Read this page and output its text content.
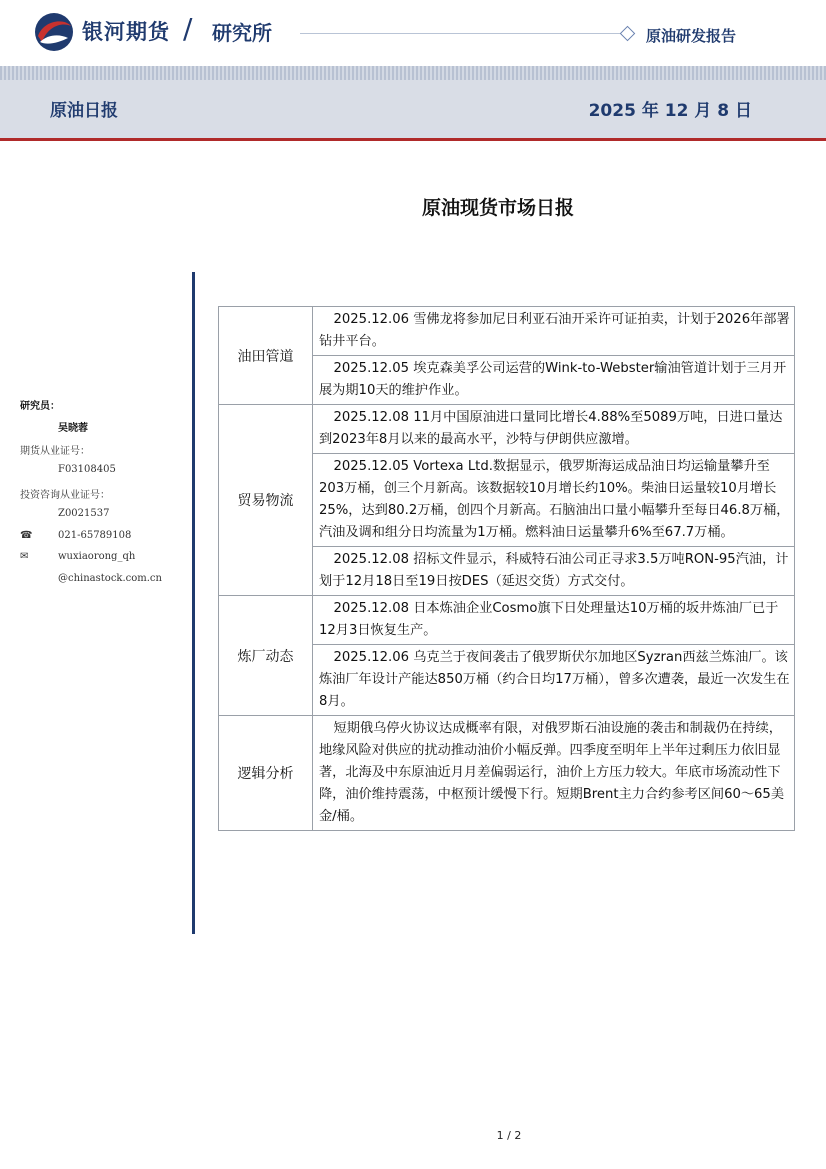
银河期货 / 研究所	原油研发报告
原油日报	2025 年 12 月 8 日
原油现货市场日报
研究员：
吴晓蓉
期货从业证号：
F03108405
投资咨询从业证号：
Z0021537
☎	021-65789108
✉	wuxiaorong_qh
@chinastock.com.cn
油田管道	2025.12.06 雪佛龙将参加尼日利亚石油开采许可证拍卖，计划于2026年部署钻井平台。
	2025.12.05 埃克森美孚公司运营的Wink-to-Webster输油管道计划于三月开展为期10天的维护作业。
贸易物流	2025.12.08 11月中国原油进口量同比增长4.88%至5089万吨，日进口量达到2023年8月以来的最高水平，沙特与伊朗供应激增。
	2025.12.05 Vortexa Ltd.数据显示，俄罗斯海运成品油日均运输量攀升至203万桶，创三个月新高。该数据较10月增长约10%。柴油日运量较10月增长25%，达到80.2万桶，创四个月新高。石脑油出口量小幅攀升至每日46.8万桶，汽油及调和组分日均流量为1万桶。燃料油日运量攀升6%至67.7万桶。
	2025.12.08 招标文件显示，科威特石油公司正寻求3.5万吨RON-95汽油，计划于12月18日至19日按DES（延迟交货）方式交付。
炼厂动态	2025.12.08 日本炼油企业Cosmo旗下日处理量达10万桶的坂井炼油厂已于12月3日恢复生产。
	2025.12.06 乌克兰于夜间袭击了俄罗斯伏尔加地区Syzran西兹兰炼油厂。该炼油厂年设计产能达850万桶（约合日均17万桶），曾多次遭袭，最近一次发生在8月。
逻辑分析	短期俄乌停火协议达成概率有限，对俄罗斯石油设施的袭击和制裁仍在持续，地缘风险对供应的扰动推动油价小幅反弹。四季度至明年上半年过剩压力依旧显著，北海及中东原油近月月差偏弱运行，油价上方压力较大。年底市场流动性下降，油价维持震荡，中枢预计缓慢下行。短期Brent主力合约参考区间60～65美金/桶。
1 / 2
